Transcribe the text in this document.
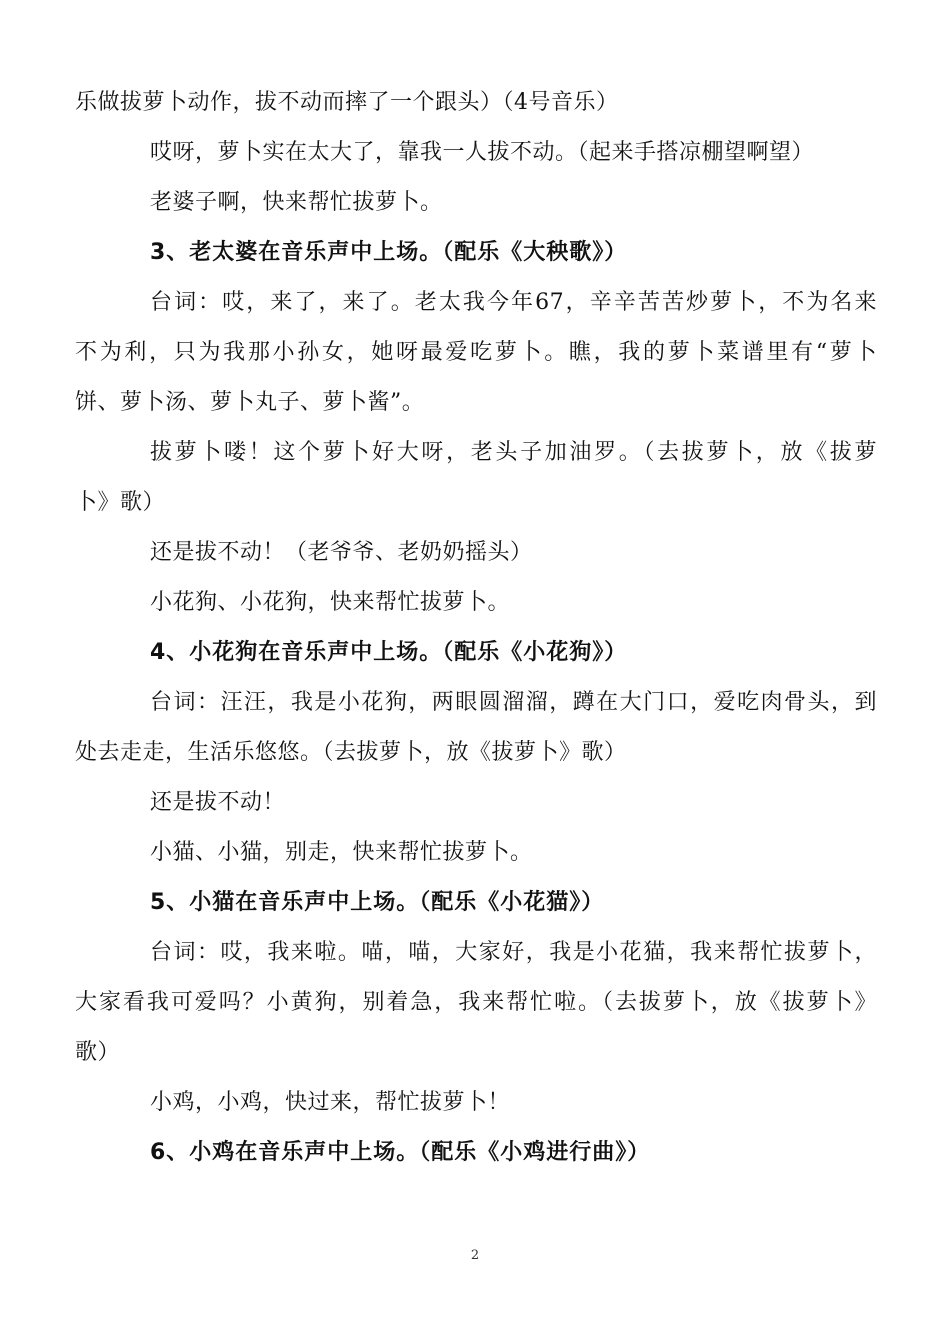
乐做拔萝卜动作，拔不动而摔了一个跟头）（4号音乐）
哎呀，萝卜实在太大了，靠我一人拔不动。（起来手搭凉棚望啊望）
老婆子啊，快来帮忙拔萝卜。
3、老太婆在音乐声中上场。（配乐《大秧歌》）
台词：哎，来了，来了。老太我今年67，辛辛苦苦炒萝卜，不为名来
不为利，只为我那小孙女，她呀最爱吃萝卜。瞧，我的萝卜菜谱里有“萝卜
饼、萝卜汤、萝卜丸子、萝卜酱”。
拔萝卜喽！这个萝卜好大呀，老头子加油罗。（去拔萝卜，放《拔萝
卜》歌）
还是拔不动！（老爷爷、老奶奶摇头）
小花狗、小花狗，快来帮忙拔萝卜。
4、小花狗在音乐声中上场。（配乐《小花狗》）
台词：汪汪，我是小花狗，两眼圆溜溜，蹲在大门口，爱吃肉骨头，到
处去走走，生活乐悠悠。（去拔萝卜，放《拔萝卜》歌）
还是拔不动！
小猫、小猫，别走，快来帮忙拔萝卜。
5、小猫在音乐声中上场。（配乐《小花猫》）
台词：哎，我来啦。喵，喵，大家好，我是小花猫，我来帮忙拔萝卜，
大家看我可爱吗？小黄狗，别着急，我来帮忙啦。（去拔萝卜，放《拔萝卜》
歌）
小鸡，小鸡，快过来，帮忙拔萝卜！
6、小鸡在音乐声中上场。（配乐《小鸡进行曲》）
2
